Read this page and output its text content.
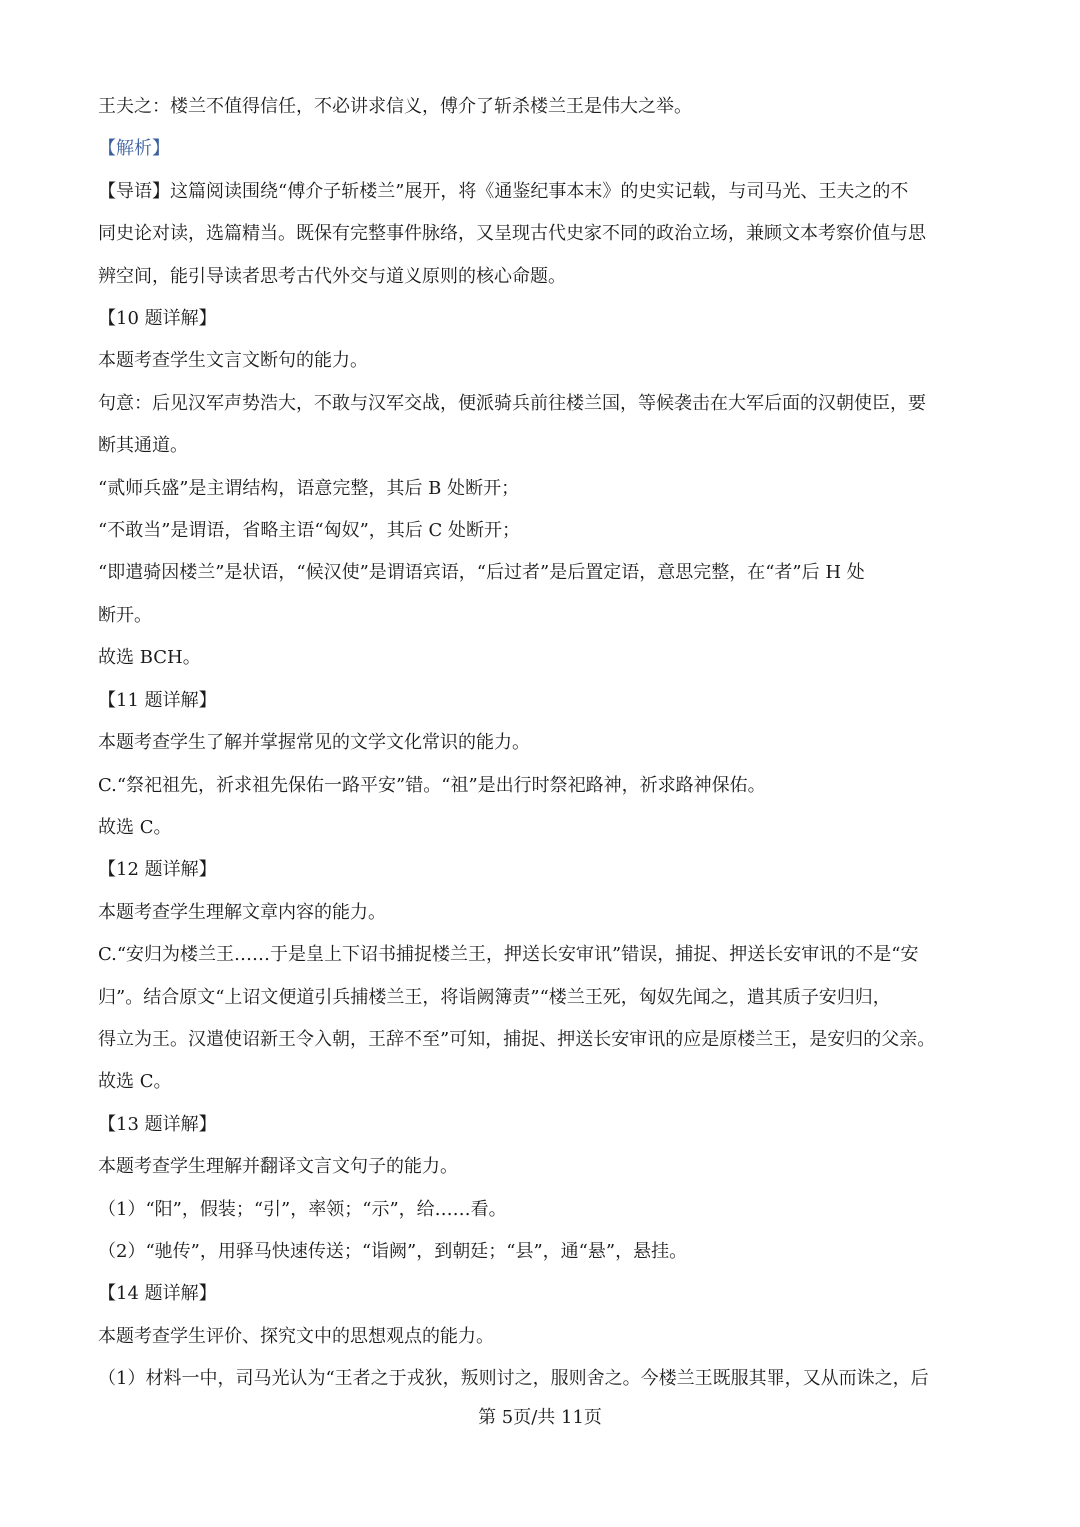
王夫之：楼兰不值得信任，不必讲求信义，傅介了斩杀楼兰王是伟大之举。

【解析】

【导语】这篇阅读围绕“傅介子斩楼兰”展开，将《通鉴纪事本末》的史实记载，与司马光、王夫之的不

同史论对读，选篇精当。既保有完整事件脉络，又呈现古代史家不同的政治立场，兼顾文本考察价值与思

辨空间，能引导读者思考古代外交与道义原则的核心命题。

【10 题详解】

本题考查学生文言文断句的能力。

句意：后见汉军声势浩大，不敢与汉军交战，便派骑兵前往楼兰国，等候袭击在大军后面的汉朝使臣，要

断其通道。

“贰师兵盛”是主谓结构，语意完整，其后 B 处断开；

“不敢当”是谓语，省略主语“匈奴”，其后 C 处断开；

“即遣骑因楼兰”是状语，“候汉使”是谓语宾语，“后过者”是后置定语，意思完整，在“者”后 H 处

断开。

故选 BCH。

【11 题详解】

本题考查学生了解并掌握常见的文学文化常识的能力。

C.“祭祀祖先，祈求祖先保佑一路平安”错。“祖”是出行时祭祀路神，祈求路神保佑。

故选 C。

【12 题详解】

本题考查学生理解文章内容的能力。

C.“安归为楼兰王……于是皇上下诏书捕捉楼兰王，押送长安审讯”错误，捕捉、押送长安审讯的不是“安

归”。结合原文“上诏文便道引兵捕楼兰王，将诣阙簿责”“楼兰王死，匈奴先闻之，遣其质子安归归，

得立为王。汉遣使诏新王令入朝，王辞不至”可知，捕捉、押送长安审讯的应是原楼兰王，是安归的父亲。

故选 C。

【13 题详解】

本题考查学生理解并翻译文言文句子的能力。

（1）“阳”，假装；“引”，率领；“示”，给……看。

（2）“驰传”，用驿马快速传送；“诣阙”，到朝廷；“县”，通“悬”，悬挂。

【14 题详解】

本题考查学生评价、探究文中的思想观点的能力。

（1）材料一中，司马光认为“王者之于戎狄，叛则讨之，服则舍之。今楼兰王既服其罪，又从而诛之，后

第 5页/共 11页
